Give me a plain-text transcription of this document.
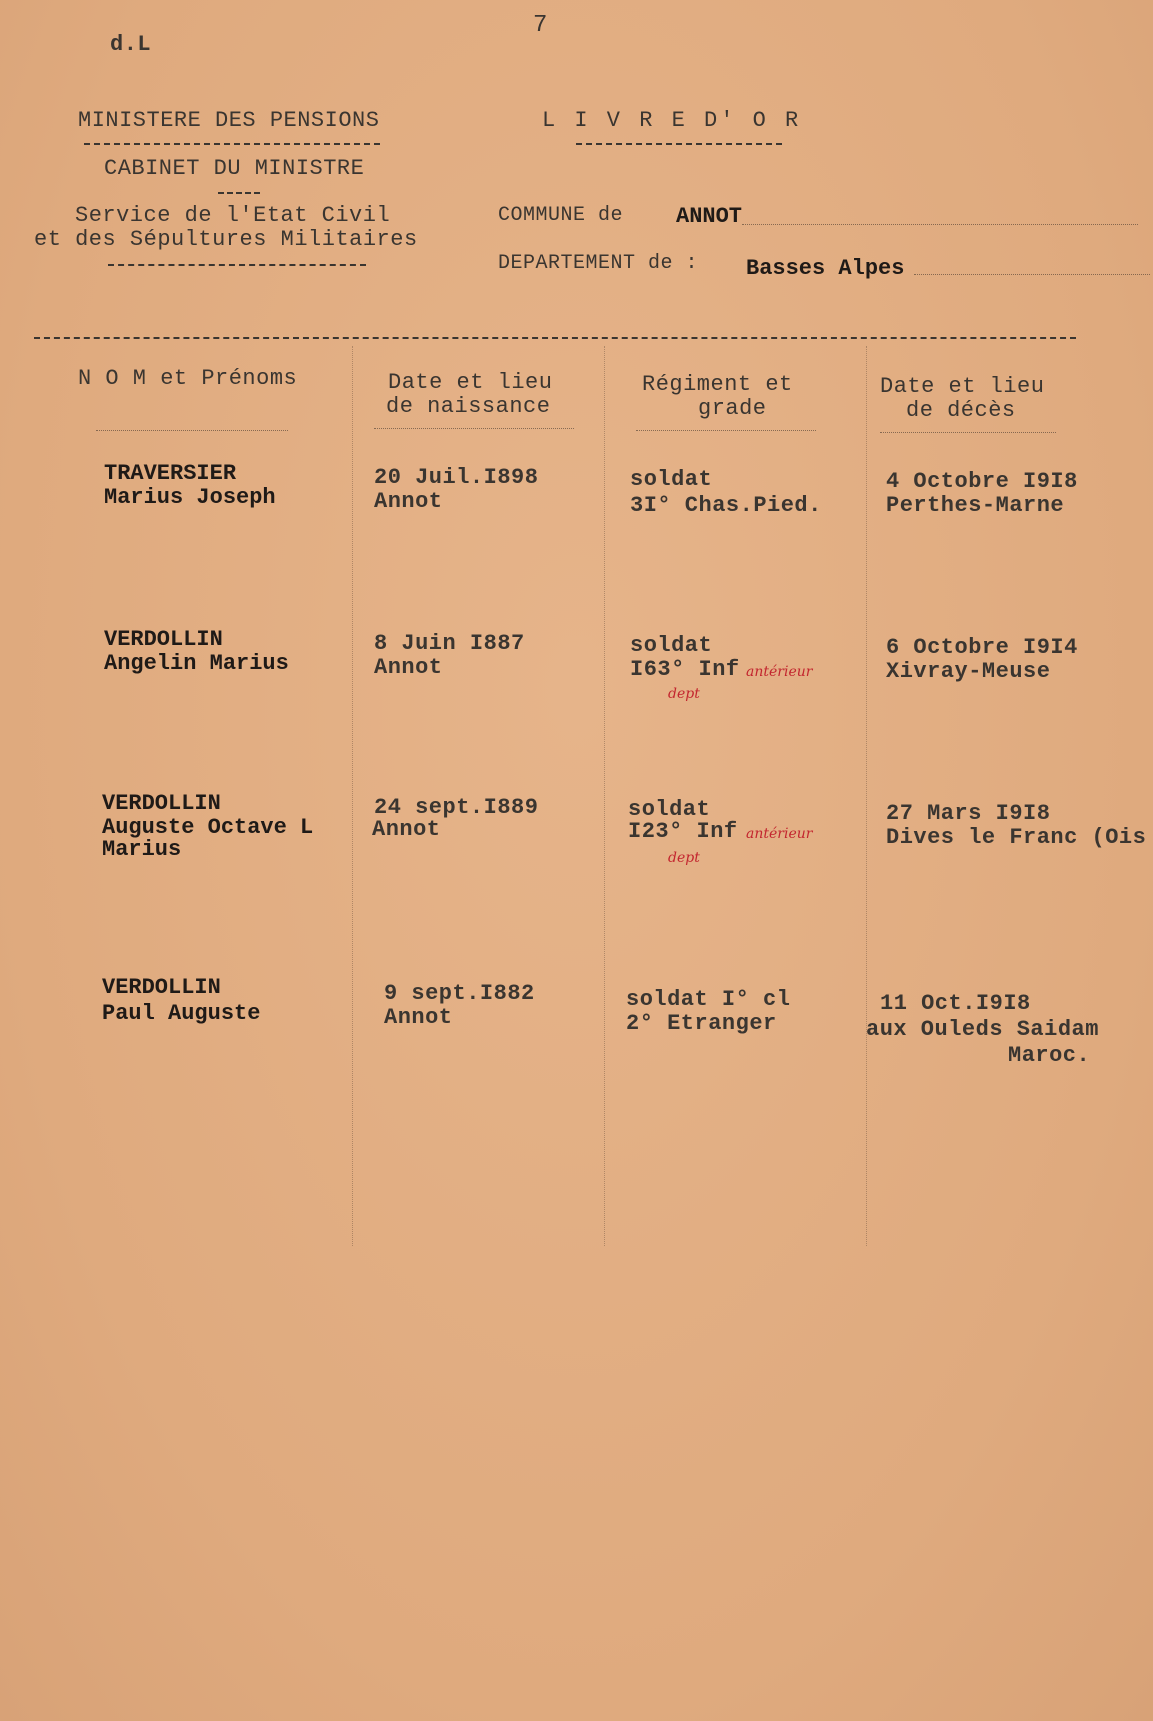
7
d.L
MINISTERE DES PENSIONS
CABINET DU MINISTRE
Service de l'Etat Civil
et des Sépultures Militaires
L I V R E D' O R
COMMUNE de ANNOT
DEPARTEMENT de : Basses Alpes
N O M et Prénoms	Date et lieu
de naissance
Régiment et
grade
Date et lieu
de décès
TRAVERSIER
Marius Joseph
20 Juil.I898
Annot
soldat
3I° Chas.Pied.
4 Octobre I9I8
Perthes-Marne
VERDOLLIN
Angelin Marius
8 Juin I887
Annot
soldat
I63° Inf antérieur
dept
6 Octobre I9I4
Xivray-Meuse
VERDOLLIN
Auguste Octave L
Marius
24 sept.I889
Annot
soldat
I23° Inf antérieur
dept
27 Mars I9I8
Dives le Franc (Ois
VERDOLLIN
Paul Auguste
9 sept.I882
Annot
soldat I° cl
2° Etranger
11 Oct.I9I8
aux Ouleds Saidam
Maroc.
